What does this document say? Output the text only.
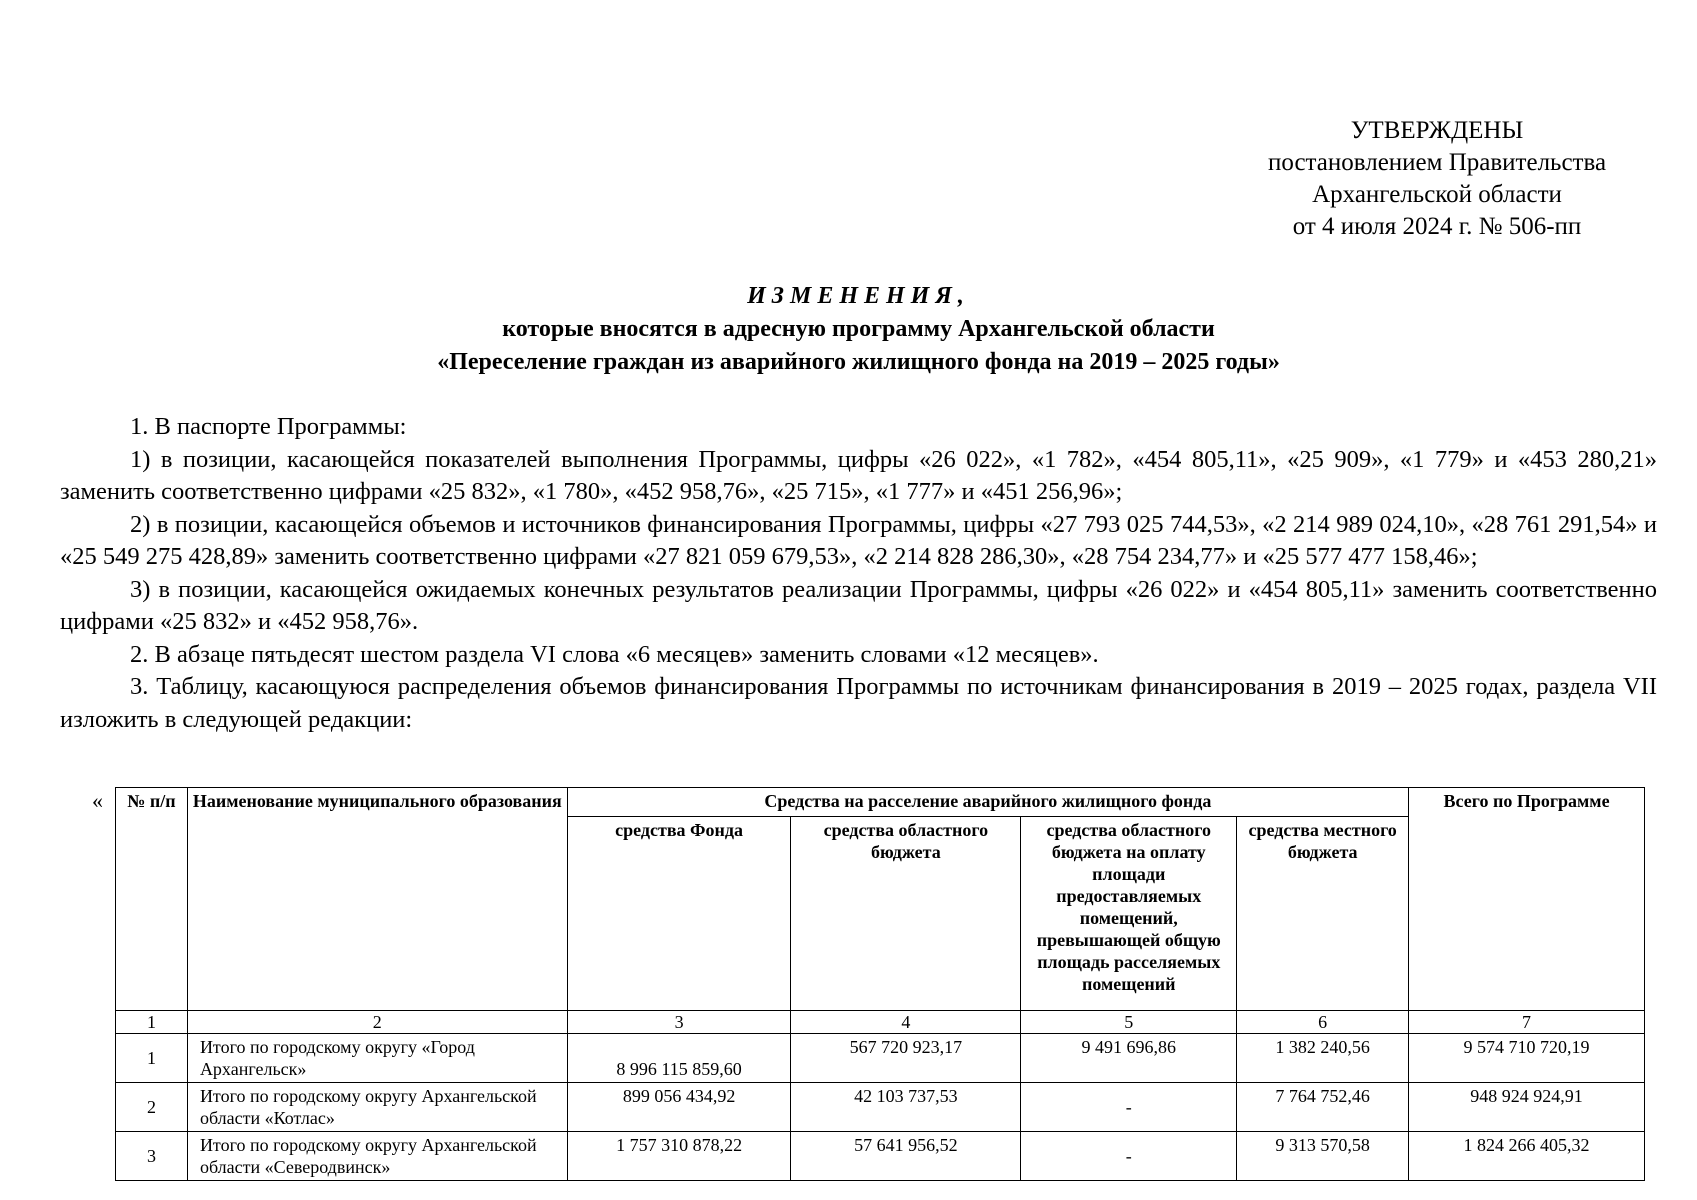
УТВЕРЖДЕНЫ
постановлением Правительства
Архангельской области
от 4 июля 2024 г. № 506-пп
ИЗМЕНЕНИЯ,
которые вносятся в адресную программу Архангельской области
«Переселение граждан из аварийного жилищного фонда на 2019 – 2025 годы»

1. В паспорте Программы:

1) в позиции, касающейся показателей выполнения Программы, цифры «26 022», «1 782», «454 805,11», «25 909», «1 779» и «453 280,21» заменить соответственно цифрами «25 832», «1 780», «452 958,76», «25 715», «1 777» и «451 256,96»;

2) в позиции, касающейся объемов и источников финансирования Программы, цифры «27 793 025 744,53», «2 214 989 024,10», «28 761 291,54» и «25 549 275 428,89» заменить соответственно цифрами «27 821 059 679,53», «2 214 828 286,30», «28 754 234,77» и «25 577 477 158,46»;

3) в позиции, касающейся ожидаемых конечных результатов реализации Программы, цифры «26 022» и «454 805,11» заменить соответственно цифрами «25 832» и «452 958,76».

2. В абзаце пятьдесят шестом раздела VI слова «6 месяцев» заменить словами «12 месяцев».

3. Таблицу, касающуюся распределения объемов финансирования Программы по источникам финансирования в 2019 – 2025 годах, раздела VII изложить в следующей редакции:

« № п/п	Наименование муниципального образования	Средства на расселение аварийного жилищного фонда				Всего по Программе
		средства Фонда	средства областного бюджета	средства областного бюджета на оплату площади предоставляемых помещений, превышающей общую площадь расселяемых помещений	средства местного бюджета	
1	2	3	4	5	6	7
1	Итого по городскому округу «Город Архангельск»	8 996 115 859,60	567 720 923,17	9 491 696,86	1 382 240,56	9 574 710 720,19
2	Итого по городскому округу Архангельской области «Котлас»	899 056 434,92	42 103 737,53	-	7 764 752,46	948 924 924,91
3	Итого по городскому округу Архангельской области «Северодвинск»	1 757 310 878,22	57 641 956,52	-	9 313 570,58	1 824 266 405,32
